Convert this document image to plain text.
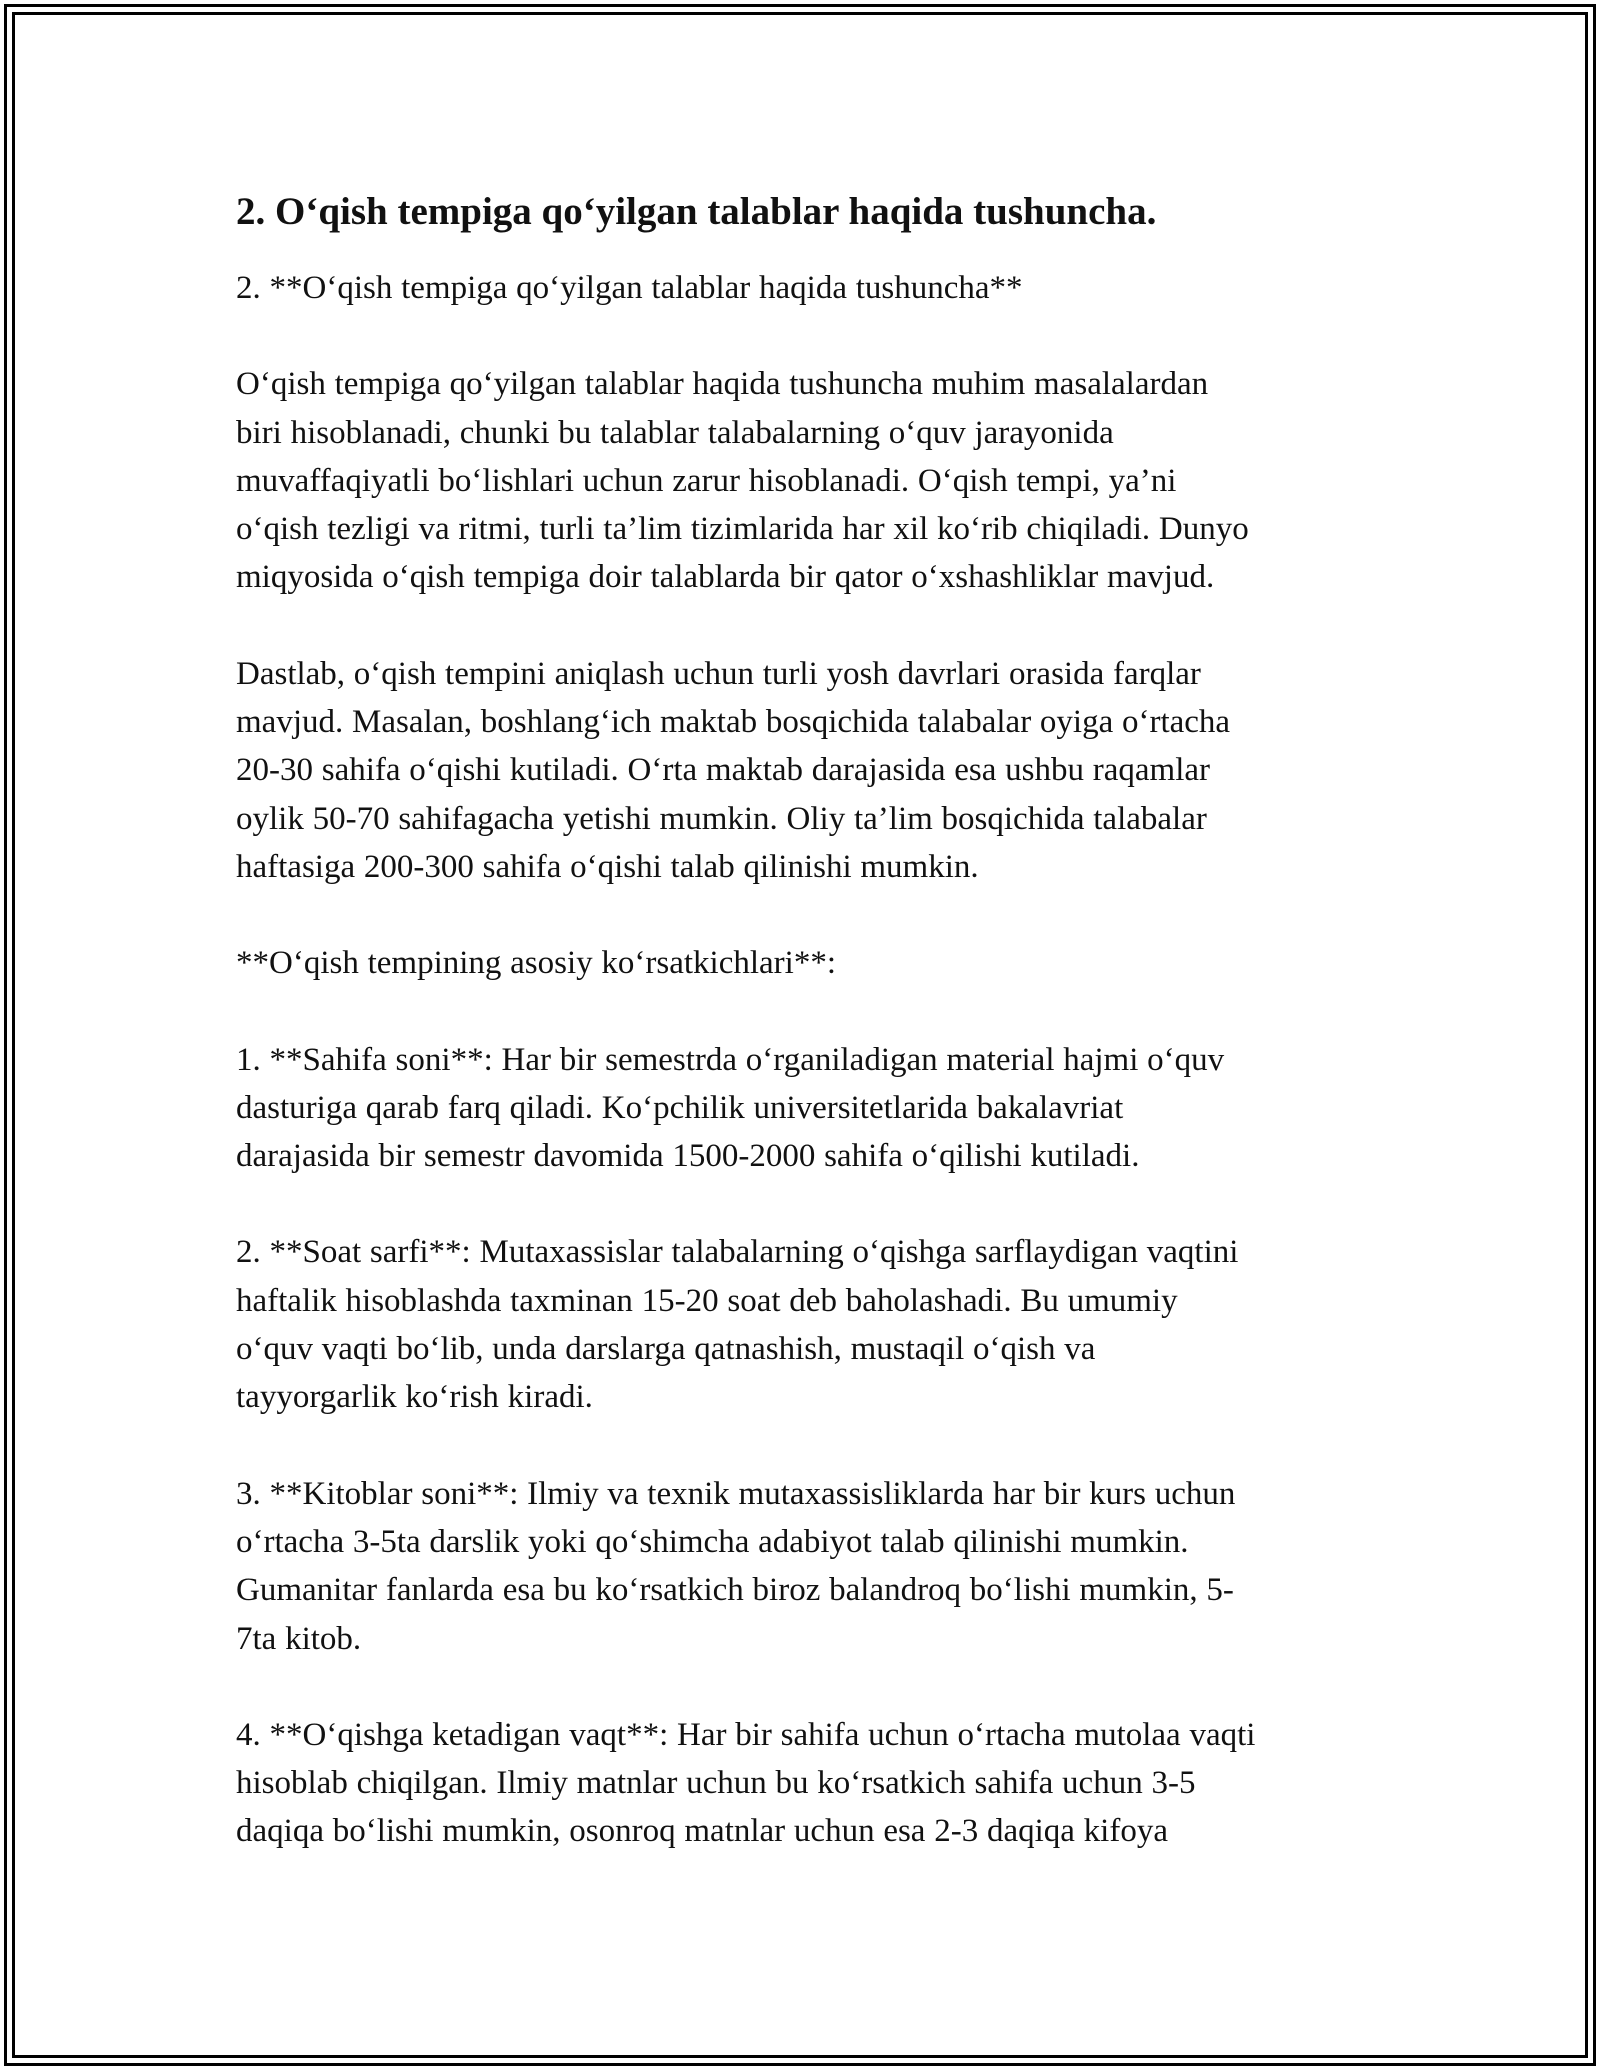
2. O‘qish tempiga qo‘yilgan talablar haqida tushuncha.

2. **O‘qish tempiga qo‘yilgan talablar haqida tushuncha**

O‘qish tempiga qo‘yilgan talablar haqida tushuncha muhim masalalardan
biri hisoblanadi, chunki bu talablar talabalarning o‘quv jarayonida
muvaffaqiyatli bo‘lishlari uchun zarur hisoblanadi. O‘qish tempi, ya’ni
o‘qish tezligi va ritmi, turli ta’lim tizimlarida har xil ko‘rib chiqiladi. Dunyo
miqyosida o‘qish tempiga doir talablarda bir qator o‘xshashliklar mavjud.

Dastlab, o‘qish tempini aniqlash uchun turli yosh davrlari orasida farqlar
mavjud. Masalan, boshlang‘ich maktab bosqichida talabalar oyiga o‘rtacha
20-30 sahifa o‘qishi kutiladi. O‘rta maktab darajasida esa ushbu raqamlar
oylik 50-70 sahifagacha yetishi mumkin. Oliy ta’lim bosqichida talabalar
haftasiga 200-300 sahifa o‘qishi talab qilinishi mumkin.

**O‘qish tempining asosiy ko‘rsatkichlari**:

1. **Sahifa soni**: Har bir semestrda o‘rganiladigan material hajmi o‘quv
dasturiga qarab farq qiladi. Ko‘pchilik universitetlarida bakalavriat
darajasida bir semestr davomida 1500-2000 sahifa o‘qilishi kutiladi.

2. **Soat sarfi**: Mutaxassislar talabalarning o‘qishga sarflaydigan vaqtini
haftalik hisoblashda taxminan 15-20 soat deb baholashadi. Bu umumiy
o‘quv vaqti bo‘lib, unda darslarga qatnashish, mustaqil o‘qish va
tayyorgarlik ko‘rish kiradi.

3. **Kitoblar soni**: Ilmiy va texnik mutaxassisliklarda har bir kurs uchun
o‘rtacha 3-5ta darslik yoki qo‘shimcha adabiyot talab qilinishi mumkin.
Gumanitar fanlarda esa bu ko‘rsatkich biroz balandroq bo‘lishi mumkin, 5-
7ta kitob.

4. **O‘qishga ketadigan vaqt**: Har bir sahifa uchun o‘rtacha mutolaa vaqti
hisoblab chiqilgan. Ilmiy matnlar uchun bu ko‘rsatkich sahifa uchun 3-5
daqiqa bo‘lishi mumkin, osonroq matnlar uchun esa 2-3 daqiqa kifoya
